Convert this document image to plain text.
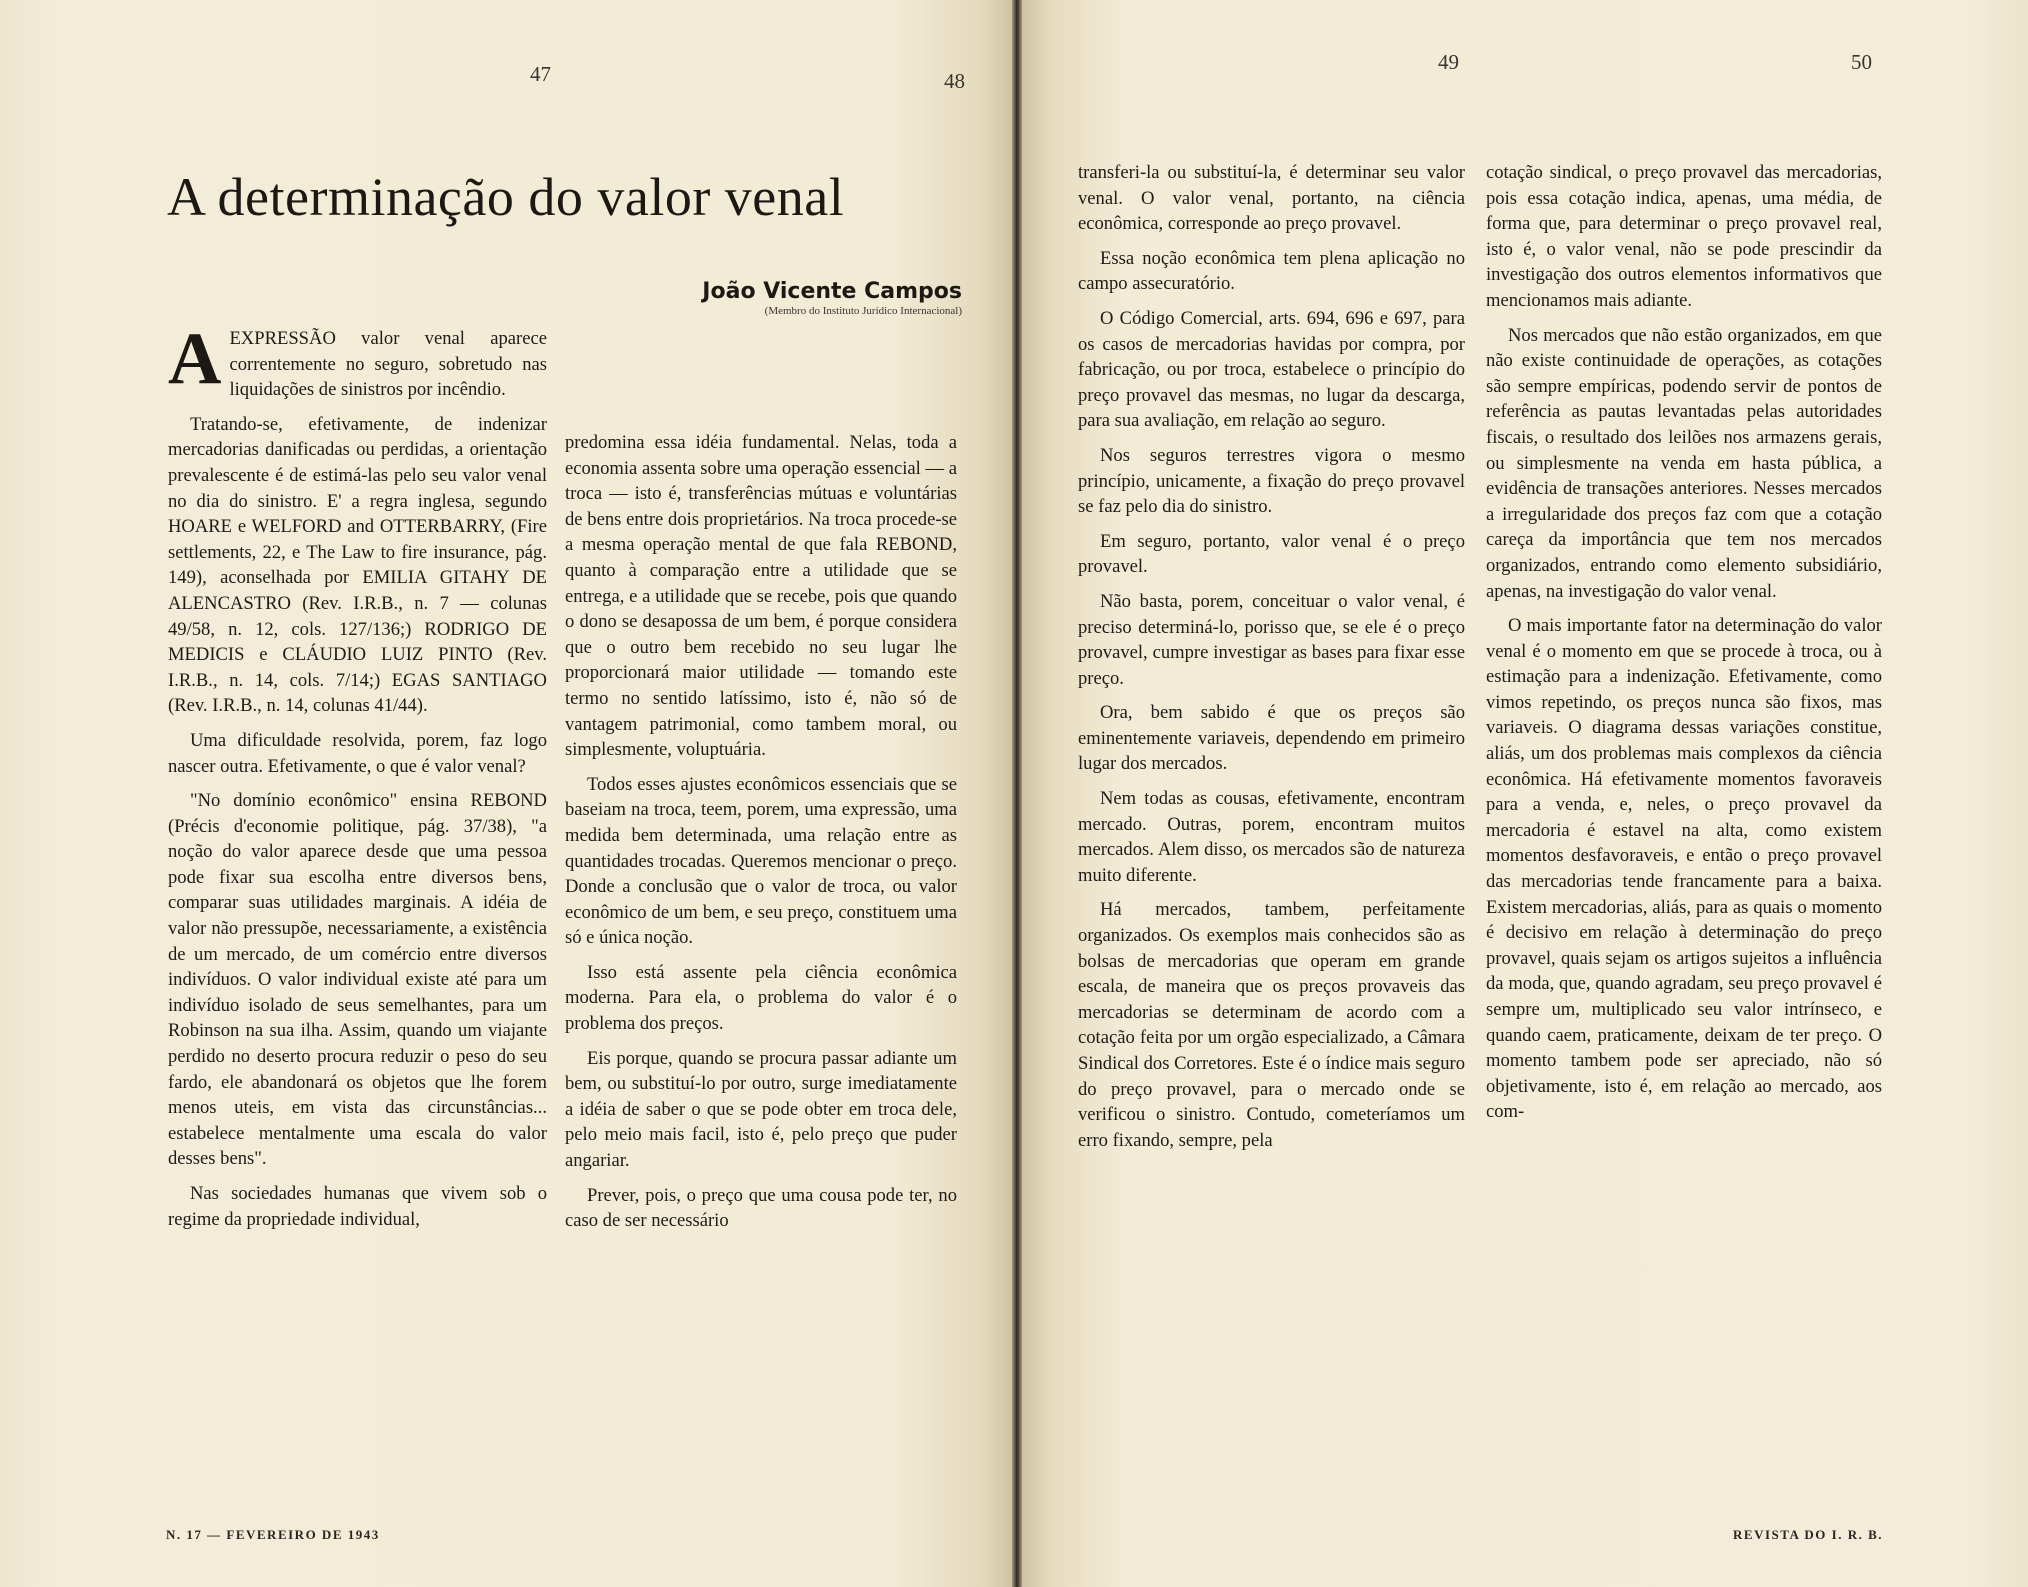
47	48
A determinação do valor venal
João Vicente Campos
(Membro do Instituto Jurídico Internacional)

AEXPRESSÃO valor venal aparece correntemente no seguro, sobretudo nas liquidações de sinistros por incêndio.

Tratando-se, efetivamente, de indenizar mercadorias danificadas ou perdidas, a orientação prevalescente é de estimá-las pelo seu valor venal no dia do sinistro. E' a regra inglesa, segundo HOARE e WELFORD and OTTERBARRY, (Fire settlements, 22, e The Law to fire insurance, pág. 149), aconselhada por EMILIA GITAHY DE ALENCASTRO (Rev. I.R.B., n. 7 — colunas 49/58, n. 12, cols. 127/136;) RODRIGO DE MEDICIS e CLÁUDIO LUIZ PINTO (Rev. I.R.B., n. 14, cols. 7/14;) EGAS SANTIAGO (Rev. I.R.B., n. 14, colunas 41/44).

Uma dificuldade resolvida, porem, faz logo nascer outra. Efetivamente, o que é valor venal?

"No domínio econômico" ensina REBOND (Précis d'economie politique, pág. 37/38), "a noção do valor aparece desde que uma pessoa pode fixar sua escolha entre diversos bens, comparar suas utilidades marginais. A idéia de valor não pressupõe, necessariamente, a existência de um mercado, de um comércio entre diversos indivíduos. O valor individual existe até para um indivíduo isolado de seus semelhantes, para um Robinson na sua ilha. Assim, quando um viajante perdido no deserto procura reduzir o peso do seu fardo, ele abandonará os objetos que lhe forem menos uteis, em vista das circunstâncias... estabelece mentalmente uma escala do valor desses bens".

Nas sociedades humanas que vivem sob o regime da propriedade individual,

predomina essa idéia fundamental. Nelas, toda a economia assenta sobre uma operação essencial — a troca — isto é, transferências mútuas e voluntárias de bens entre dois proprietários. Na troca procede-se a mesma operação mental de que fala REBOND, quanto à comparação entre a utilidade que se entrega, e a utilidade que se recebe, pois que quando o dono se desapossa de um bem, é porque considera que o outro bem recebido no seu lugar lhe proporcionará maior utilidade — tomando este termo no sentido latíssimo, isto é, não só de vantagem patrimonial, como tambem moral, ou simplesmente, voluptuária.

Todos esses ajustes econômicos essenciais que se baseiam na troca, teem, porem, uma expressão, uma medida bem determinada, uma relação entre as quantidades trocadas. Queremos mencionar o preço. Donde a conclusão que o valor de troca, ou valor econômico de um bem, e seu preço, constituem uma só e única noção.

Isso está assente pela ciência econômica moderna. Para ela, o problema do valor é o problema dos preços.

Eis porque, quando se procura passar adiante um bem, ou substituí-lo por outro, surge imediatamente a idéia de saber o que se pode obter em troca dele, pelo meio mais facil, isto é, pelo preço que puder angariar.

Prever, pois, o preço que uma cousa pode ter, no caso de ser necessário

N. 17 — FEVEREIRO DE 1943
49	50

transferi-la ou substituí-la, é determinar seu valor venal. O valor venal, portanto, na ciência econômica, corresponde ao preço provavel.

Essa noção econômica tem plena aplicação no campo assecuratório.

O Código Comercial, arts. 694, 696 e 697, para os casos de mercadorias havidas por compra, por fabricação, ou por troca, estabelece o princípio do preço provavel das mesmas, no lugar da descarga, para sua avaliação, em relação ao seguro.

Nos seguros terrestres vigora o mesmo princípio, unicamente, a fixação do preço provavel se faz pelo dia do sinistro.

Em seguro, portanto, valor venal é o preço provavel.

Não basta, porem, conceituar o valor venal, é preciso determiná-lo, porisso que, se ele é o preço provavel, cumpre investigar as bases para fixar esse preço.

Ora, bem sabido é que os preços são eminentemente variaveis, dependendo em primeiro lugar dos mercados.

Nem todas as cousas, efetivamente, encontram mercado. Outras, porem, encontram muitos mercados. Alem disso, os mercados são de natureza muito diferente.

Há mercados, tambem, perfeitamente organizados. Os exemplos mais conhecidos são as bolsas de mercadorias que operam em grande escala, de maneira que os preços provaveis das mercadorias se determinam de acordo com a cotação feita por um orgão especializado, a Câmara Sindical dos Corretores. Este é o índice mais seguro do preço provavel, para o mercado onde se verificou o sinistro. Contudo, cometeríamos um erro fixando, sempre, pela

cotação sindical, o preço provavel das mercadorias, pois essa cotação indica, apenas, uma média, de forma que, para determinar o preço provavel real, isto é, o valor venal, não se pode prescindir da investigação dos outros elementos informativos que mencionamos mais adiante.

Nos mercados que não estão organizados, em que não existe continuidade de operações, as cotações são sempre empíricas, podendo servir de pontos de referência as pautas levantadas pelas autoridades fiscais, o resultado dos leilões nos armazens gerais, ou simplesmente na venda em hasta pública, a evidência de transações anteriores. Nesses mercados a irregularidade dos preços faz com que a cotação careça da importância que tem nos mercados organizados, entrando como elemento subsidiário, apenas, na investigação do valor venal.

O mais importante fator na determinação do valor venal é o momento em que se procede à troca, ou à estimação para a indenização. Efetivamente, como vimos repetindo, os preços nunca são fixos, mas variaveis. O diagrama dessas variações constitue, aliás, um dos problemas mais complexos da ciência econômica. Há efetivamente momentos favoraveis para a venda, e, neles, o preço provavel da mercadoria é estavel na alta, como existem momentos desfavoraveis, e então o preço provavel das mercadorias tende francamente para a baixa. Existem mercadorias, aliás, para as quais o momento é decisivo em relação à determinação do preço provavel, quais sejam os artigos sujeitos a influência da moda, que, quando agradam, seu preço provavel é sempre um, multiplicado seu valor intrínseco, e quando caem, praticamente, deixam de ter preço. O momento tambem pode ser apreciado, não só objetivamente, isto é, em relação ao mercado, aos com-

REVISTA DO I. R. B.
